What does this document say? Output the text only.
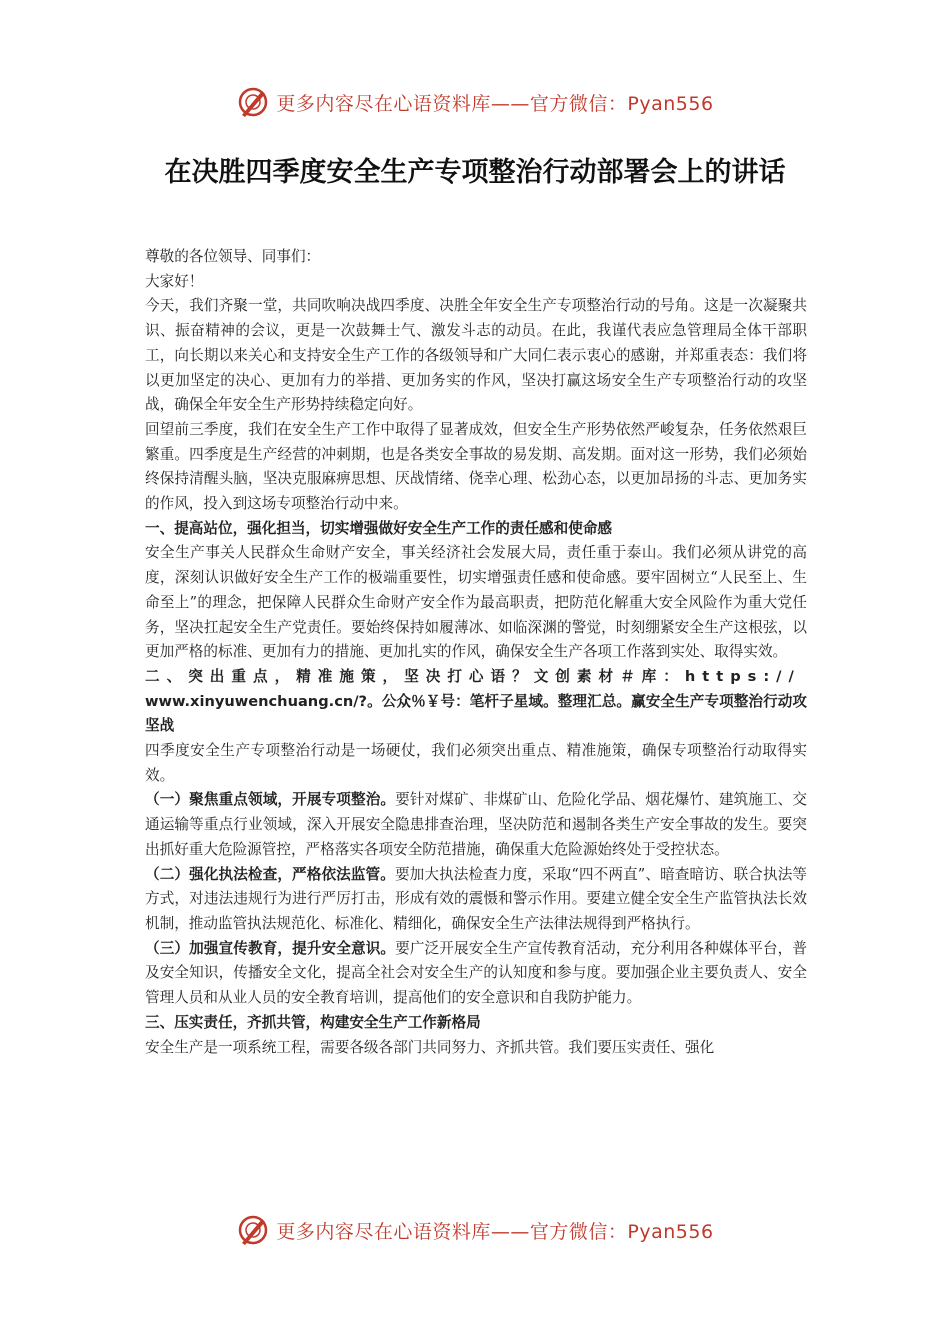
更多内容尽在心语资料库——官方微信：Pyan556
在决胜四季度安全生产专项整治行动部署会上的讲话

尊敬的各位领导、同事们：

大家好！

今天，我们齐聚一堂，共同吹响决战四季度、决胜全年安全生产专项整治行动的号角。这是一次凝聚共识、振奋精神的会议，更是一次鼓舞士气、激发斗志的动员。在此，我谨代表应急管理局全体干部职工，向长期以来关心和支持安全生产工作的各级领导和广大同仁表示衷心的感谢，并郑重表态：我们将以更加坚定的决心、更加有力的举措、更加务实的作风，坚决打赢这场安全生产专项整治行动的攻坚战，确保全年安全生产形势持续稳定向好。

回望前三季度，我们在安全生产工作中取得了显著成效，但安全生产形势依然严峻复杂，任务依然艰巨繁重。四季度是生产经营的冲刺期，也是各类安全事故的易发期、高发期。面对这一形势，我们必须始终保持清醒头脑，坚决克服麻痹思想、厌战情绪、侥幸心理、松劲心态，以更加昂扬的斗志、更加务实的作风，投入到这场专项整治行动中来。

一、提高站位，强化担当，切实增强做好安全生产工作的责任感和使命感

安全生产事关人民群众生命财产安全，事关经济社会发展大局，责任重于泰山。我们必须从讲党的高度，深刻认识做好安全生产工作的极端重要性，切实增强责任感和使命感。要牢固树立“人民至上、生命至上”的理念，把保障人民群众生命财产安全作为最高职责，把防范化解重大安全风险作为重大党任务，坚决扛起安全生产党责任。要始终保持如履薄冰、如临深渊的警觉，时刻绷紧安全生产这根弦，以更加严格的标准、更加有力的措施、更加扎实的作风，确保安全生产各项工作落到实处、取得实效。

二、突出重点，精准施策，坚决打心语？文创素材＃库：https://

www.xinyuwenchuang.cn/?。公众％￥号：笔杆子星域。整理汇总。赢安全生产专项整治行动攻坚战

四季度安全生产专项整治行动是一场硬仗，我们必须突出重点、精准施策，确保专项整治行动取得实效。

（一）聚焦重点领域，开展专项整治。要针对煤矿、非煤矿山、危险化学品、烟花爆竹、建筑施工、交通运输等重点行业领域，深入开展安全隐患排查治理，坚决防范和遏制各类生产安全事故的发生。要突出抓好重大危险源管控，严格落实各项安全防范措施，确保重大危险源始终处于受控状态。

（二）强化执法检查，严格依法监管。要加大执法检查力度，采取“四不两直”、暗查暗访、联合执法等方式，对违法违规行为进行严厉打击，形成有效的震慑和警示作用。要建立健全安全生产监管执法长效机制，推动监管执法规范化、标准化、精细化，确保安全生产法律法规得到严格执行。

（三）加强宣传教育，提升安全意识。要广泛开展安全生产宣传教育活动，充分利用各种媒体平台，普及安全知识，传播安全文化，提高全社会对安全生产的认知度和参与度。要加强企业主要负责人、安全管理人员和从业人员的安全教育培训，提高他们的安全意识和自我防护能力。

三、压实责任，齐抓共管，构建安全生产工作新格局

安全生产是一项系统工程，需要各级各部门共同努力、齐抓共管。我们要压实责任、强化

更多内容尽在心语资料库——官方微信：Pyan556
